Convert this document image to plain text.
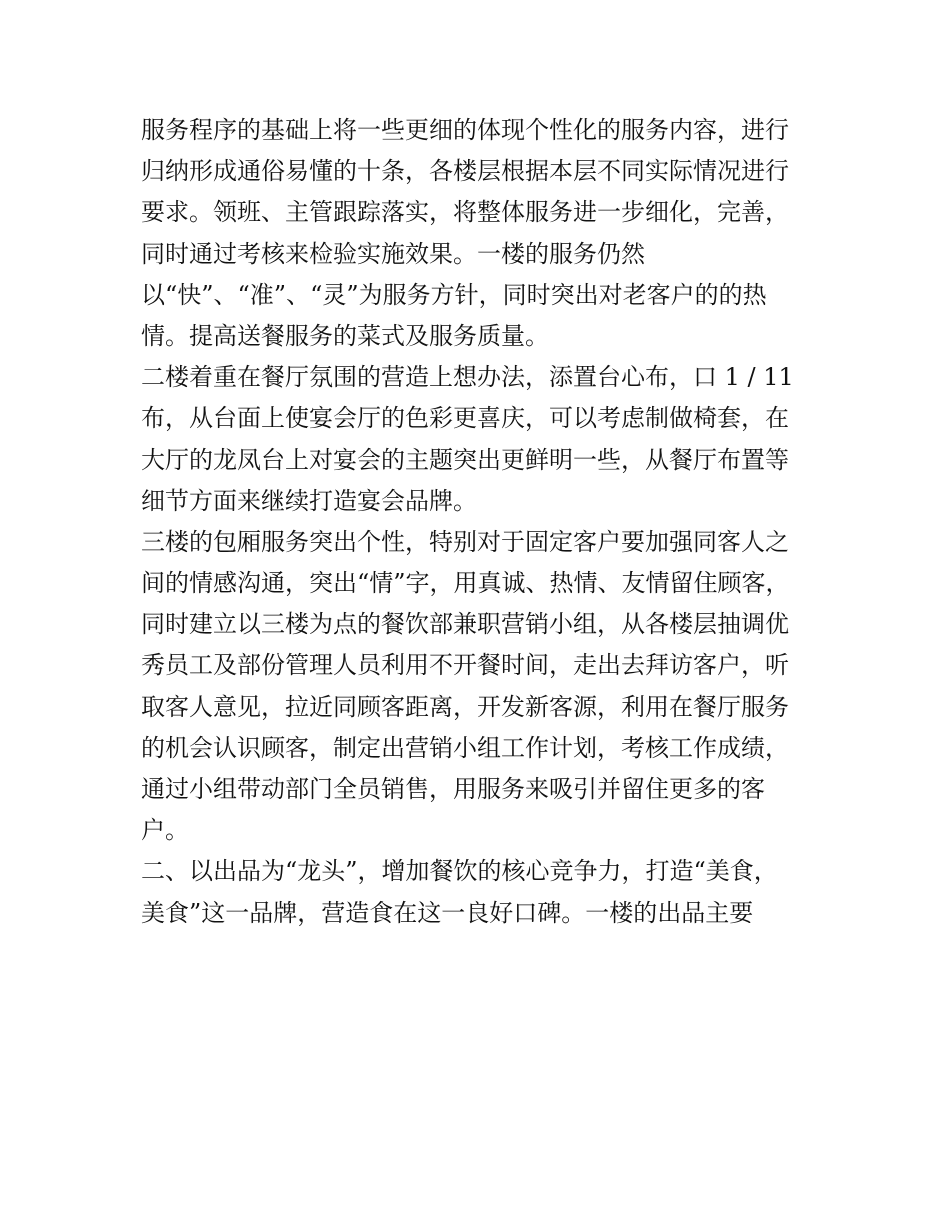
服务程序的基础上将一些更细的体现个性化的服务内容，进行
归纳形成通俗易懂的十条，各楼层根据本层不同实际情况进行
要求。领班、主管跟踪落实，将整体服务进一步细化，完善，
同时通过考核来检验实施效果。一楼的服务仍然
以“快”、“准”、“灵”为服务方针，同时突出对老客户的的热
情。提高送餐服务的菜式及服务质量。
二楼着重在餐厅氛围的营造上想办法，添置台心布，口 1 / 11
布，从台面上使宴会厅的色彩更喜庆，可以考虑制做椅套，在
大厅的龙凤台上对宴会的主题突出更鲜明一些，从餐厅布置等
细节方面来继续打造宴会品牌。
三楼的包厢服务突出个性，特别对于固定客户要加强同客人之
间的情感沟通，突出“情”字，用真诚、热情、友情留住顾客，
同时建立以三楼为点的餐饮部兼职营销小组，从各楼层抽调优
秀员工及部份管理人员利用不开餐时间，走出去拜访客户，听
取客人意见，拉近同顾客距离，开发新客源，利用在餐厅服务
的机会认识顾客，制定出营销小组工作计划，考核工作成绩，
通过小组带动部门全员销售，用服务来吸引并留住更多的客
户。
二、以出品为“龙头”，增加餐饮的核心竞争力，打造“美食，
美食”这一品牌，营造食在这一良好口碑。一楼的出品主要
